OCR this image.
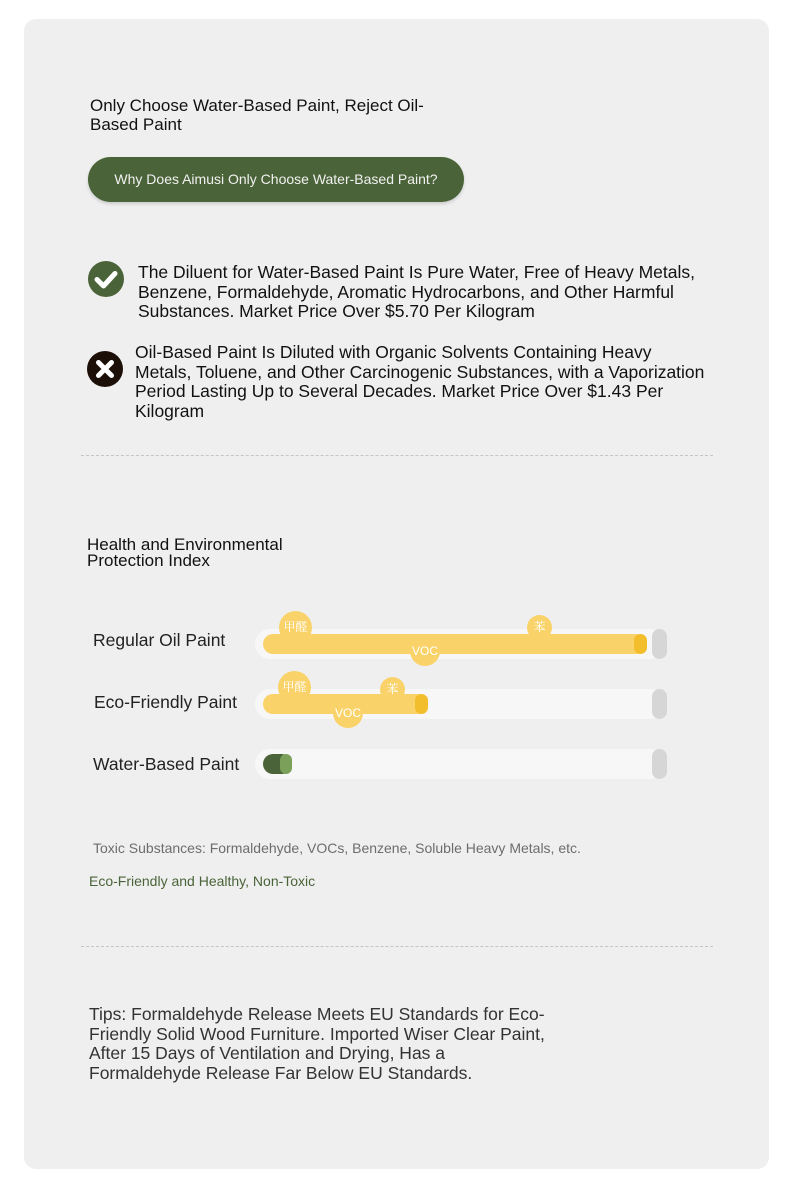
Only Choose Water-Based Paint, Reject Oil-Based Paint
Why Does Aimusi Only Choose Water-Based Paint?
The Diluent for Water-Based Paint Is Pure Water, Free of Heavy Metals, Benzene, Formaldehyde, Aromatic Hydrocarbons, and Other Harmful Substances. Market Price Over $5.70 Per Kilogram
Oil-Based Paint Is Diluted with Organic Solvents Containing Heavy Metals, Toluene, and Other Carcinogenic Substances, with a Vaporization Period Lasting Up to Several Decades. Market Price Over $1.43 Per Kilogram
Health and Environmental Protection Index
Regular Oil Paint
甲醛	苯
VOC
Eco-Friendly Paint
甲醛	苯
VOC
Water-Based Paint
Toxic Substances: Formaldehyde, VOCs, Benzene, Soluble Heavy Metals, etc.
Eco-Friendly and Healthy, Non-Toxic
Tips: Formaldehyde Release Meets EU Standards for Eco-Friendly Solid Wood Furniture. Imported Wiser Clear Paint, After 15 Days of Ventilation and Drying, Has a Formaldehyde Release Far Below EU Standards.
